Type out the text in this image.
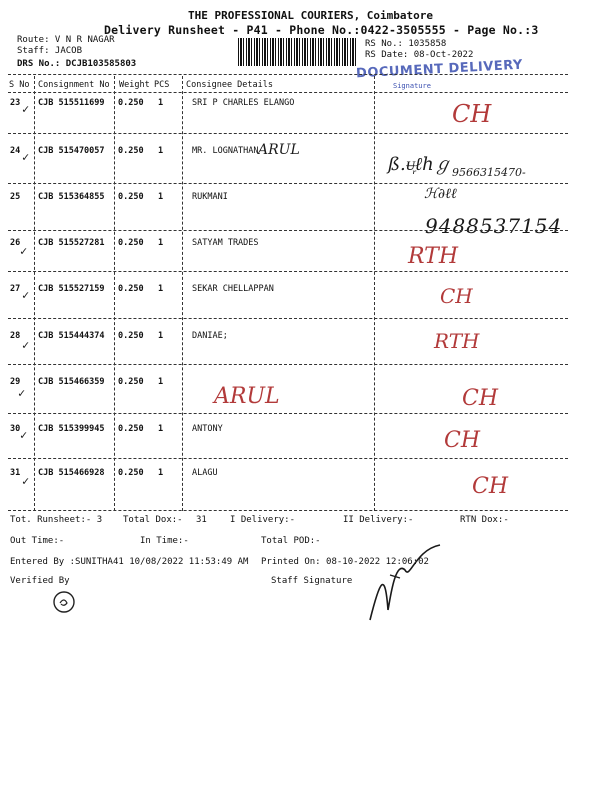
THE PROFESSIONAL COURIERS, Coimbatore
Delivery Runsheet - P41 - Phone No.:0422-3505555 - Page No.:3
Route: V N R NAGAR
Staff: JACOB
DRS No.: DCJB103585803
RS No.: 1035858
RS Date: 08-Oct-2022
DOCUMENT DELIVERY
Signature
S No Consignment No Weight PCS Consignee Details
23 CJB 515511699 0.250 1	SRI P CHARLES ELANGO	CH
✓
24 CJB 515470057 0.250 1	MR. LOGNATHAN ARUL
ß.ᵾ᷊ℓℎℊ 9566315470-
✓
25 CJB 515364855 0.250 1	RUKMANI	ℋ∂ℓℓ
9488537154
26 CJB 515527281 0.250 1	SATYAM TRADES
RTH
✓
27 CJB 515527159 0.250 1	SEKAR CHELLAPPAN	CH
✓
28 CJB 515444374 0.250 1	DANIAE;	RTH
✓
29 CJB 515466359 0.250 1
ARUL	CH
✓
30 CJB 515399945 0.250 1	ANTONY	CH
✓
31 CJB 515466928 0.250 1	ALAGU
CH
✓
Tot. Runsheet:- 3 Total Dox:- 31	I Delivery:-	II Delivery:-	RTN Dox:-
Out Time:-	In Time:-	Total POD:-
Entered By :SUNITHA41 10/08/2022 11:53:49 AM Printed On: 08-10-2022 12:06:02
Verified By	Staff Signature
